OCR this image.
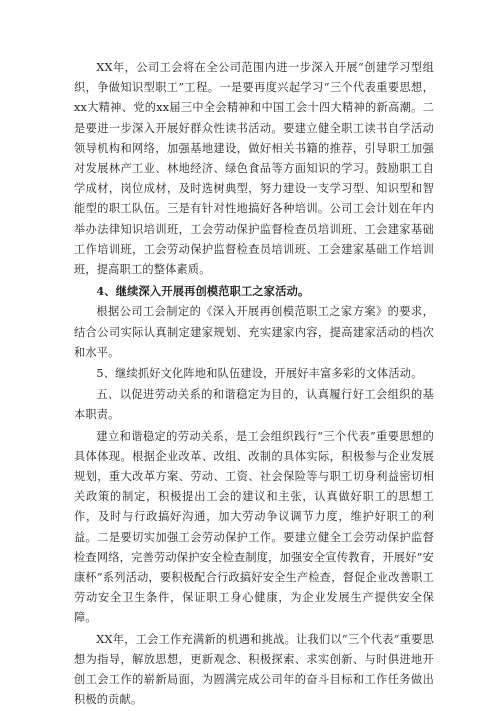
XX年，公司工会将在全公司范围内进一步深入开展“创建学习型组织，争做知识型职工”工程。一是要再度兴起学习“三个代表重要思想，xx大精神、党的xx届三中全会精神和中国工会十四大精神的新高潮。二是要进一步深入开展好群众性读书活动。要建立健全职工读书自学活动领导机构和网络，加强基地建设，做好相关书籍的推荐，引导职工加强对发展林产工业、林地经济、绿色食品等方面知识的学习。鼓励职工自学成材，岗位成材，及时选树典型，努力建设一支学习型、知识型和智能型的职工队伍。三是有针对性地搞好各种培训。公司工会计划在年内举办法律知识培训班，工会劳动保护监督检查员培训班、工会建家基础工作培训班，工会劳动保护监督检查员培训班、工会建家基础工作培训班，提高职工的整体素质。

4、继续深入开展再创模范职工之家活动。

根据公司工会制定的《深入开展再创模范职工之家方案》的要求，结合公司实际认真制定建家规划、充实建家内容，提高建家活动的档次和水平。

5、继续抓好文化阵地和队伍建设，开展好丰富多彩的文体活动。

五、以促进劳动关系的和谐稳定为目的，认真履行好工会组织的基本职责。

建立和谐稳定的劳动关系，是工会组织践行“三个代表”重要思想的具体体现。根据企业改革、改组、改制的具体实际，积极参与企业发展规划，重大改革方案、劳动、工资、社会保险等与职工切身利益密切相关政策的制定，积极提出工会的建议和主张，认真做好职工的思想工作，及时与行政搞好沟通，加大劳动争议调节力度，维护好职工的利益。二是要切实加强工会劳动保护工作。要建立健全工会劳动保护监督检查网络，完善劳动保护安全检查制度，加强安全宣传教育，开展好“安康杯”系列活动，要积极配合行政搞好安全生产检查，督促企业改善职工劳动安全卫生条件，保证职工身心健康，为企业发展生产提供安全保障。

XX年，工会工作充满新的机遇和挑战。让我们以“三个代表”重要思想为指导，解放思想，更新观念、积极探索、求实创新、与时俱进地开创工会工作的崭新局面，为圆满完成公司年的奋斗目标和工作任务做出积极的贡献。
